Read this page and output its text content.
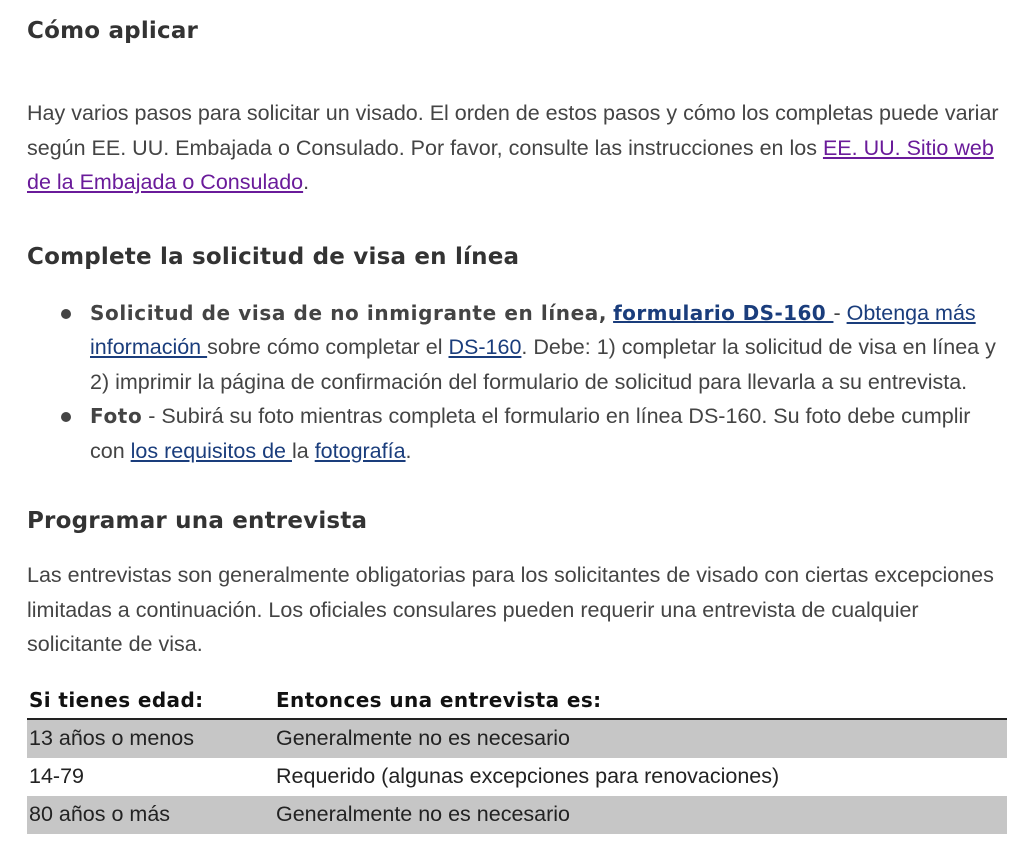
Cómo aplicar

Hay varios pasos para solicitar un visado. El orden de estos pasos y cómo los completas puede variar según EE. UU. Embajada o Consulado. Por favor, consulte las instrucciones en los EE. UU. Sitio web de la Embajada o Consulado.

Complete la solicitud de visa en línea
Solicitud de visa de no inmigrante en línea, formulario DS-160 - Obtenga más información sobre cómo completar el DS-160. Debe: 1) completar la solicitud de visa en línea y 2) imprimir la página de confirmación del formulario de solicitud para llevarla a su entrevista.
Foto - Subirá su foto mientras completa el formulario en línea DS-160. Su foto debe cumplir con los requisitos de la fotografía.
Programar una entrevista

Las entrevistas son generalmente obligatorias para los solicitantes de visado con ciertas excepciones limitadas a continuación. Los oficiales consulares pueden requerir una entrevista de cualquier solicitante de visa.

Si tienes edad:	Entonces una entrevista es:
13 años o menos	Generalmente no es necesario
14-79	Requerido (algunas excepciones para renovaciones)
80 años o más	Generalmente no es necesario
